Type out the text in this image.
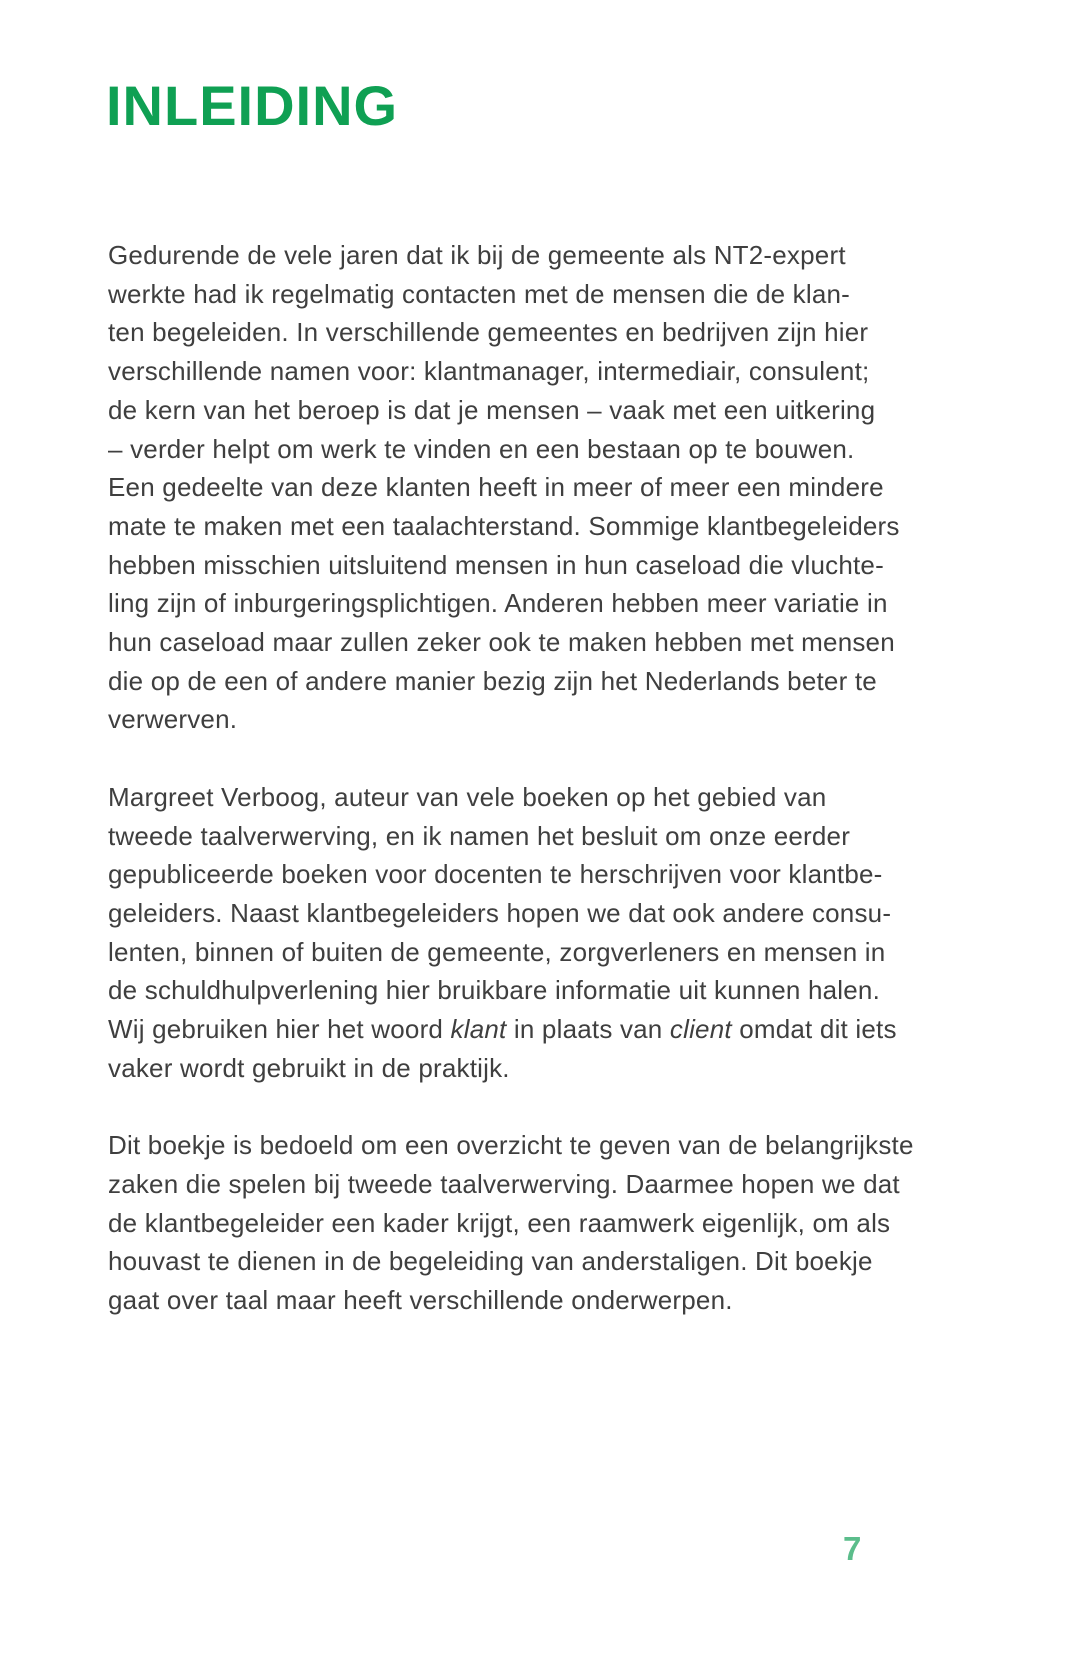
INLEIDING

Gedurende de vele jaren dat ik bij de gemeente als NT2-expert
werkte had ik regelmatig contacten met de mensen die de klan-
ten begeleiden. In verschillende gemeentes en bedrijven zijn hier
verschillende namen voor: klantmanager, intermediair, consulent;
de kern van het beroep is dat je mensen – vaak met een uitkering
– verder helpt om werk te vinden en een bestaan op te bouwen.
Een gedeelte van deze klanten heeft in meer of meer een mindere
mate te maken met een taalachterstand. Sommige klantbegeleiders
hebben misschien uitsluitend mensen in hun caseload die vluchte-
ling zijn of inburgeringsplichtigen. Anderen hebben meer variatie in
hun caseload maar zullen zeker ook te maken hebben met mensen
die op de een of andere manier bezig zijn het Nederlands beter te
verwerven.

Margreet Verboog, auteur van vele boeken op het gebied van
tweede taalverwerving, en ik namen het besluit om onze eerder
gepubliceerde boeken voor docenten te herschrijven voor klantbe-
geleiders. Naast klantbegeleiders hopen we dat ook andere consu-
lenten, binnen of buiten de gemeente, zorgverleners en mensen in
de schuldhulpverlening hier bruikbare informatie uit kunnen halen.
Wij gebruiken hier het woord klant in plaats van client omdat dit iets
vaker wordt gebruikt in de praktijk.

Dit boekje is bedoeld om een overzicht te geven van de belangrijkste
zaken die spelen bij tweede taalverwerving. Daarmee hopen we dat
de klantbegeleider een kader krijgt, een raamwerk eigenlijk, om als
houvast te dienen in de begeleiding van anderstaligen. Dit boekje
gaat over taal maar heeft verschillende onderwerpen.

7
